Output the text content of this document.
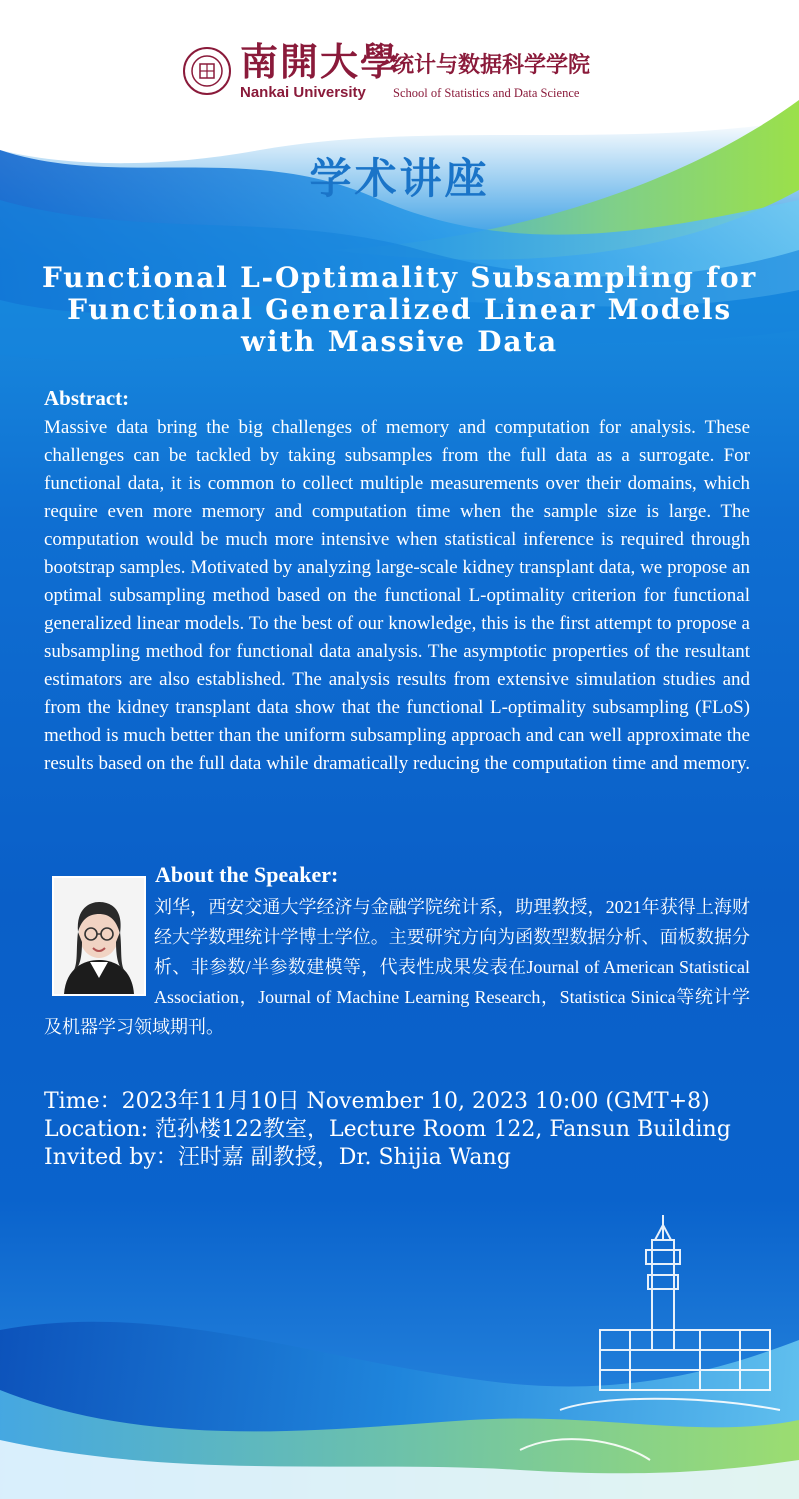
南開大學
Nankai University
统计与数据科学学院
School of Statistics and Data Science
学术讲座
Functional L-Optimality Subsampling for Functional Generalized Linear Models with Massive Data
Abstract:
Massive data bring the big challenges of memory and computation for analysis. These challenges can be tackled by taking subsamples from the full data as a surrogate. For functional data, it is common to collect multiple measurements over their domains, which require even more memory and computation time when the sample size is large. The computation would be much more intensive when statistical inference is required through bootstrap samples. Motivated by analyzing large-scale kidney transplant data, we propose an optimal subsampling method based on the functional L-optimality criterion for functional generalized linear models. To the best of our knowledge, this is the first attempt to propose a subsampling method for functional data analysis. The asymptotic properties of the resultant estimators are also established. The analysis results from extensive simulation studies and from the kidney transplant data show that the functional L-optimality subsampling (FLoS) method is much better than the uniform subsampling approach and can well approximate the results based on the full data while dramatically reducing the computation time and memory.
About the Speaker:
刘华，西安交通大学经济与金融学院统计系，助理教授，2021年获得上海财经大学数理统计学博士学位。主要研究方向为函数型数据分析、面板数据分析、非参数/半参数建模等，代表性成果发表在Journal of American Statistical Association，Journal of Machine Learning Research，Statistica Sinica等统计学及机器学习领域期刊。
Time：2023年11月10日 November 10, 2023 10:00 (GMT+8)
Location: 范孙楼122教室，Lecture Room 122, Fansun Building
Invited by：汪时嘉 副教授，Dr. Shijia Wang
